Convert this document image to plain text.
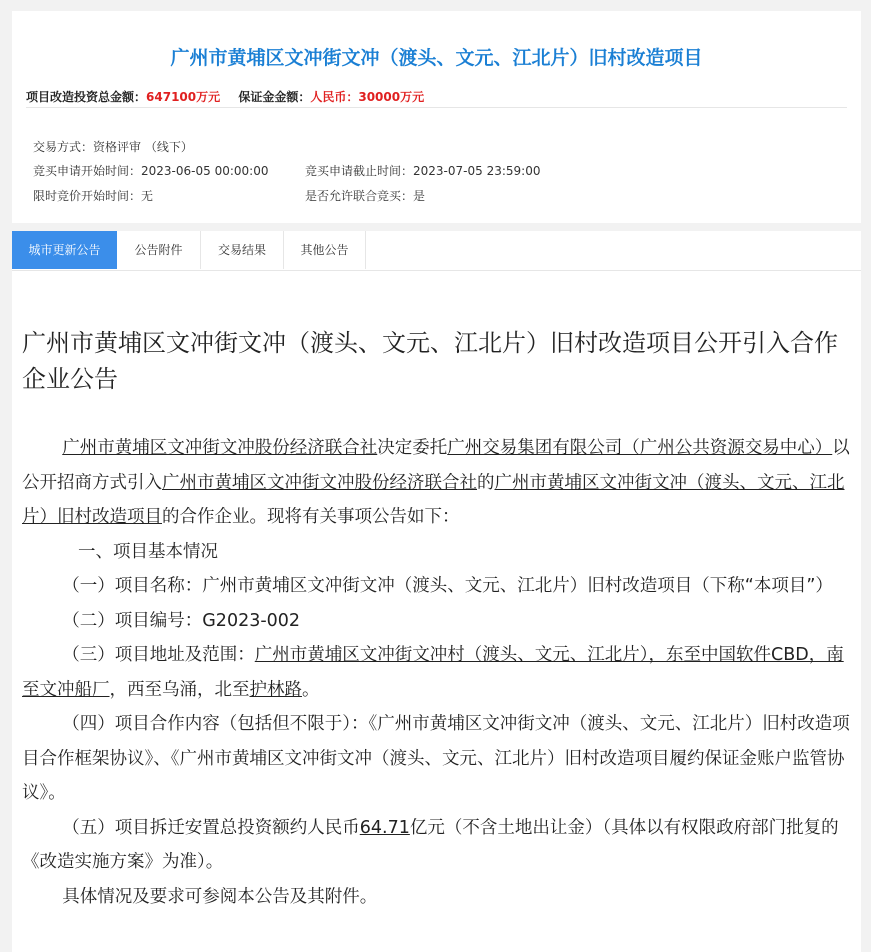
广州市黄埔区文冲街文冲（渡头、文元、江北片）旧村改造项目
项目改造投资总金额：647100万元 保证金金额：人民币：30000万元
交易方式：资格评审 （线下）
竞买申请开始时间：2023-06-05 00:00:00	竞买申请截止时间：2023-07-05 23:59:00
限时竞价开始时间：无	是否允许联合竞买：是
城市更新公告	公告附件	交易结果	其他公告
广州市黄埔区文冲街文冲（渡头、文元、江北片）旧村改造项目公开引入合作企业公告

广州市黄埔区文冲街文冲股份经济联合社决定委托广州交易集团有限公司（广州公共资源交易中心）以公开招商方式引入广州市黄埔区文冲街文冲股份经济联合社的广州市黄埔区文冲街文冲（渡头、文元、江北片）旧村改造项目的合作企业。现将有关事项公告如下：

一、项目基本情况

（一）项目名称：广州市黄埔区文冲街文冲（渡头、文元、江北片）旧村改造项目（下称“本项目”）

（二）项目编号：G2023-002

（三）项目地址及范围：广州市黄埔区文冲街文冲村（渡头、文元、江北片），东至中国软件CBD，南至文冲船厂，西至乌涌，北至护林路。

（四）项目合作内容（包括但不限于）：《广州市黄埔区文冲街文冲（渡头、文元、江北片）旧村改造项目合作框架协议》、《广州市黄埔区文冲街文冲（渡头、文元、江北片）旧村改造项目履约保证金账户监管协议》。

（五）项目拆迁安置总投资额约人民币64.71亿元（不含土地出让金）（具体以有权限政府部门批复的《改造实施方案》为准）。

具体情况及要求可参阅本公告及其附件。
